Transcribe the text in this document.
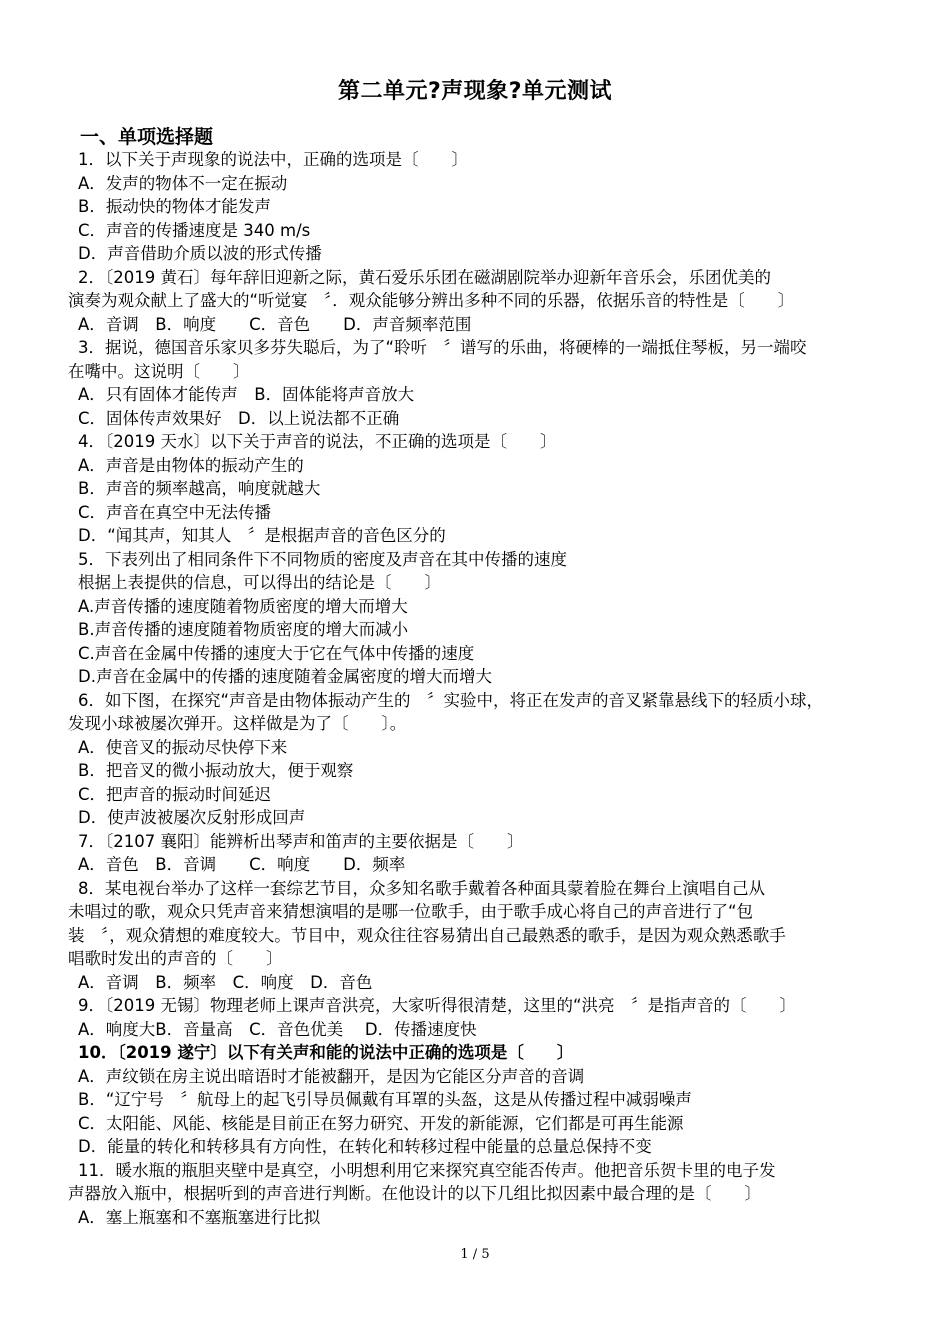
第二单元?声现象?单元测试
一、单项选择题
1．以下关于声现象的说法中，正确的选项是〔　　〕
A．发声的物体不一定在振动
B．振动快的物体才能发声
C．声音的传播速度是 340 m/s
D．声音借助介质以波的形式传播
2．〔2019 黄石〕每年辞旧迎新之际，黄石爱乐乐团在磁湖剧院举办迎新年音乐会，乐团优美的
演奏为观众献上了盛大的“听觉宴　〞．观众能够分辨出多种不同的乐器，依据乐音的特性是〔　　〕
A．音调　B．响度　　C．音色　　D．声音频率范围
3．据说，德国音乐家贝多芬失聪后，为了“聆听　〞谱写的乐曲，将硬棒的一端抵住琴板，另一端咬
在嘴中。这说明〔　　〕
A．只有固体才能传声　B．固体能将声音放大
C．固体传声效果好　D．以上说法都不正确
4．〔2019 天水〕以下关于声音的说法，不正确的选项是〔　　〕
A．声音是由物体的振动产生的
B．声音的频率越高，响度就越大
C．声音在真空中无法传播
D．“闻其声，知其人　〞是根据声音的音色区分的
5．下表列出了相同条件下不同物质的密度及声音在其中传播的速度
根据上表提供的信息，可以得出的结论是〔　　〕
A.声音传播的速度随着物质密度的增大而增大
B.声音传播的速度随着物质密度的增大而减小
C.声音在金属中传播的速度大于它在气体中传播的速度
D.声音在金属中的传播的速度随着金属密度的增大而增大
6．如下图，在探究“声音是由物体振动产生的　〞实验中，将正在发声的音叉紧靠悬线下的轻质小球，
发现小球被屡次弹开。这样做是为了〔　　〕。
A．使音叉的振动尽快停下来
B．把音叉的微小振动放大，便于观察
C．把声音的振动时间延迟
D．使声波被屡次反射形成回声
7．〔2107 襄阳〕能辨析出琴声和笛声的主要依据是〔　　〕
A．音色　B．音调　　C．响度　　D．频率
8．某电视台举办了这样一套综艺节目，众多知名歌手戴着各种面具蒙着脸在舞台上演唱自己从
未唱过的歌，观众只凭声音来猜想演唱的是哪一位歌手，由于歌手成心将自己的声音进行了“包
装　〞，观众猜想的难度较大。节目中，观众往往容易猜出自己最熟悉的歌手，是因为观众熟悉歌手
唱歌时发出的声音的〔　　〕
A．音调　B．频率　C．响度　D．音色
9．〔2019 无锡〕物理老师上课声音洪亮，大家听得很清楚，这里的“洪亮　〞是指声音的〔　　〕
A．响度大B．音量高　C．音色优美　 D．传播速度快
10．〔2019 遂宁〕以下有关声和能的说法中正确的选项是〔　　〕
A．声纹锁在房主说出暗语时才能被翻开，是因为它能区分声音的音调
B．“辽宁号　〞航母上的起飞引导员佩戴有耳罩的头盔，这是从传播过程中减弱噪声
C．太阳能、风能、核能是目前正在努力研究、开发的新能源，它们都是可再生能源
D．能量的转化和转移具有方向性，在转化和转移过程中能量的总量总保持不变
11．暖水瓶的瓶胆夹壁中是真空，小明想利用它来探究真空能否传声。他把音乐贺卡里的电子发
声器放入瓶中，根据听到的声音进行判断。在他设计的以下几组比拟因素中最合理的是〔　　〕
A．塞上瓶塞和不塞瓶塞进行比拟
1 / 5
